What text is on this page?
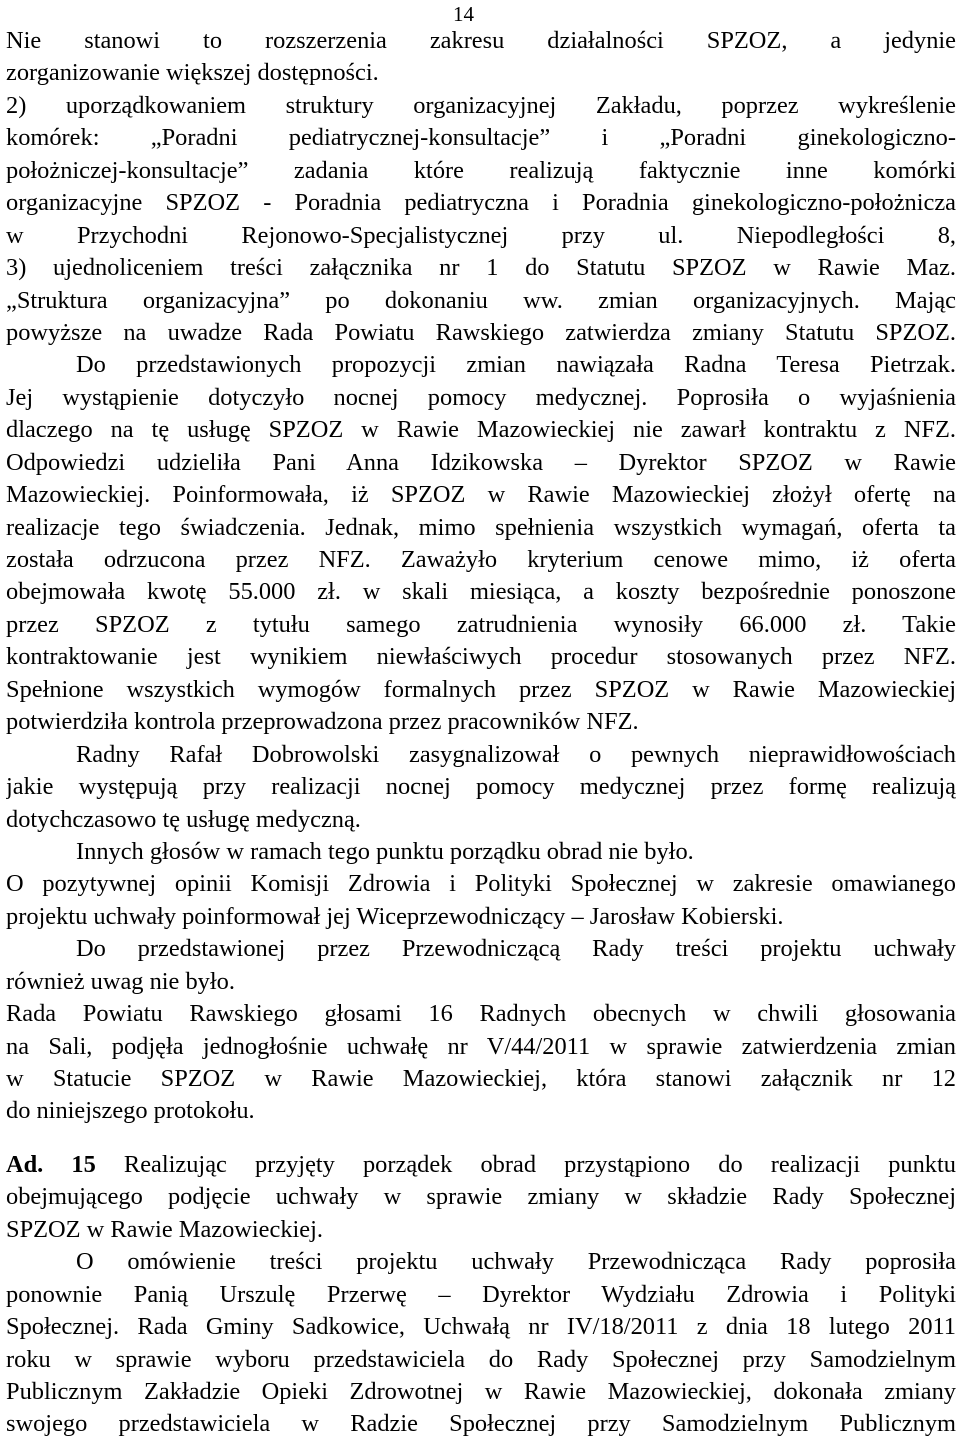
14
Nie stanowi to rozszerzenia zakresu działalności SPZOZ, a jedynie
zorganizowanie większej dostępności.
2) uporządkowaniem struktury organizacyjnej Zakładu, poprzez wykreślenie
komórek: „Poradni pediatrycznej-konsultacje” i „Poradni ginekologiczno-
położniczej-konsultacje” zadania które realizują faktycznie inne komórki
organizacyjne SPZOZ - Poradnia pediatryczna i Poradnia ginekologiczno-położnicza
w Przychodni Rejonowo-Specjalistycznej przy ul. Niepodległości 8,
3) ujednoliceniem treści załącznika nr 1 do Statutu SPZOZ w Rawie Maz.
„Struktura organizacyjna” po dokonaniu ww. zmian organizacyjnych. Mając
powyższe na uwadze Rada Powiatu Rawskiego zatwierdza zmiany Statutu SPZOZ.
Do przedstawionych propozycji zmian nawiązała Radna Teresa Pietrzak.
Jej wystąpienie dotyczyło nocnej pomocy medycznej. Poprosiła o wyjaśnienia
dlaczego na tę usługę SPZOZ w Rawie Mazowieckiej nie zawarł kontraktu z NFZ.
Odpowiedzi udzieliła Pani Anna Idzikowska – Dyrektor SPZOZ w Rawie
Mazowieckiej. Poinformowała, iż SPZOZ w Rawie Mazowieckiej złożył ofertę na
realizacje tego świadczenia. Jednak, mimo spełnienia wszystkich wymagań, oferta ta
została odrzucona przez NFZ. Zaważyło kryterium cenowe mimo, iż oferta
obejmowała kwotę 55.000 zł. w skali miesiąca, a koszty bezpośrednie ponoszone
przez SPZOZ z tytułu samego zatrudnienia wynosiły 66.000 zł. Takie
kontraktowanie jest wynikiem niewłaściwych procedur stosowanych przez NFZ.
Spełnione wszystkich wymogów formalnych przez SPZOZ w Rawie Mazowieckiej
potwierdziła kontrola przeprowadzona przez pracowników NFZ.
Radny Rafał Dobrowolski zasygnalizował o pewnych nieprawidłowościach
jakie występują przy realizacji nocnej pomocy medycznej przez formę realizują
dotychczasowo tę usługę medyczną.
Innych głosów w ramach tego punktu porządku obrad nie było.
O pozytywnej opinii Komisji Zdrowia i Polityki Społecznej w zakresie omawianego
projektu uchwały poinformował jej Wiceprzewodniczący – Jarosław Kobierski.
Do przedstawionej przez Przewodniczącą Rady treści projektu uchwały
również uwag nie było.
Rada Powiatu Rawskiego głosami 16 Radnych obecnych w chwili głosowania
na Sali, podjęła jednogłośnie uchwałę nr V/44/2011 w sprawie zatwierdzenia zmian
w Statucie SPZOZ w Rawie Mazowieckiej, która stanowi załącznik nr 12
do niniejszego protokołu.
Ad. 15 Realizując przyjęty porządek obrad przystąpiono do realizacji punktu
obejmującego podjęcie uchwały w sprawie zmiany w składzie Rady Społecznej
SPZOZ w Rawie Mazowieckiej.
O omówienie treści projektu uchwały Przewodnicząca Rady poprosiła
ponownie Panią Urszulę Przerwę – Dyrektor Wydziału Zdrowia i Polityki
Społecznej. Rada Gminy Sadkowice, Uchwałą nr IV/18/2011 z dnia 18 lutego 2011
roku w sprawie wyboru przedstawiciela do Rady Społecznej przy Samodzielnym
Publicznym Zakładzie Opieki Zdrowotnej w Rawie Mazowieckiej, dokonała zmiany
swojego przedstawiciela w Radzie Społecznej przy Samodzielnym Publicznym
